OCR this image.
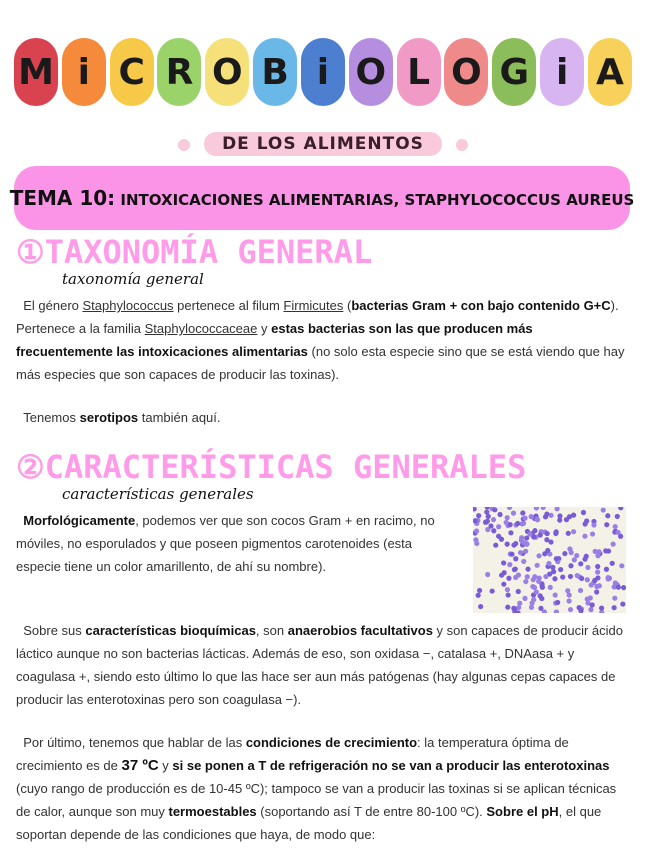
M i C R O B i O L O G i A
DE LOS ALIMENTOS
TEMA 10: INTOXICACIONES ALIMENTARIAS, STAPHYLOCOCCUS AUREUS
①TAXONOMÍA GENERAL
taxonomía general

El género Staphylococcus pertenece al filum Firmicutes (bacterias Gram + con bajo contenido G+C). Pertenece a la familia Staphylococcaceae y estas bacterias son las que producen más frecuentemente las intoxicaciones alimentarias (no solo esta especie sino que se está viendo que hay más especies que son capaces de producir las toxinas).

Tenemos serotipos también aquí.

②CARACTERÍSTICAS GENERALES
características generales

Morfológicamente, podemos ver que son cocos Gram + en racimo, no móviles, no esporulados y que poseen pigmentos carotenoides (esta especie tiene un color amarillento, de ahí su nombre).

Sobre sus características bioquímicas, son anaerobios facultativos y son capaces de producir ácido láctico aunque no son bacterias lácticas. Además de eso, son oxidasa −, catalasa +, DNAasa + y coagulasa +, siendo esto último lo que las hace ser aun más patógenas (hay algunas cepas capaces de producir las enterotoxinas pero son coagulasa −).

Por último, tenemos que hablar de las condiciones de crecimiento: la temperatura óptima de crecimiento es de 37 ºC y si se ponen a T de refrigeración no se van a producir las enterotoxinas (cuyo rango de producción es de 10-45 ºC); tampoco se van a producir las toxinas si se aplican técnicas de calor, aunque son muy termoestables (soportando así T de entre 80-100 ºC). Sobre el pH, el que soportan depende de las condiciones que haya, de modo que:
